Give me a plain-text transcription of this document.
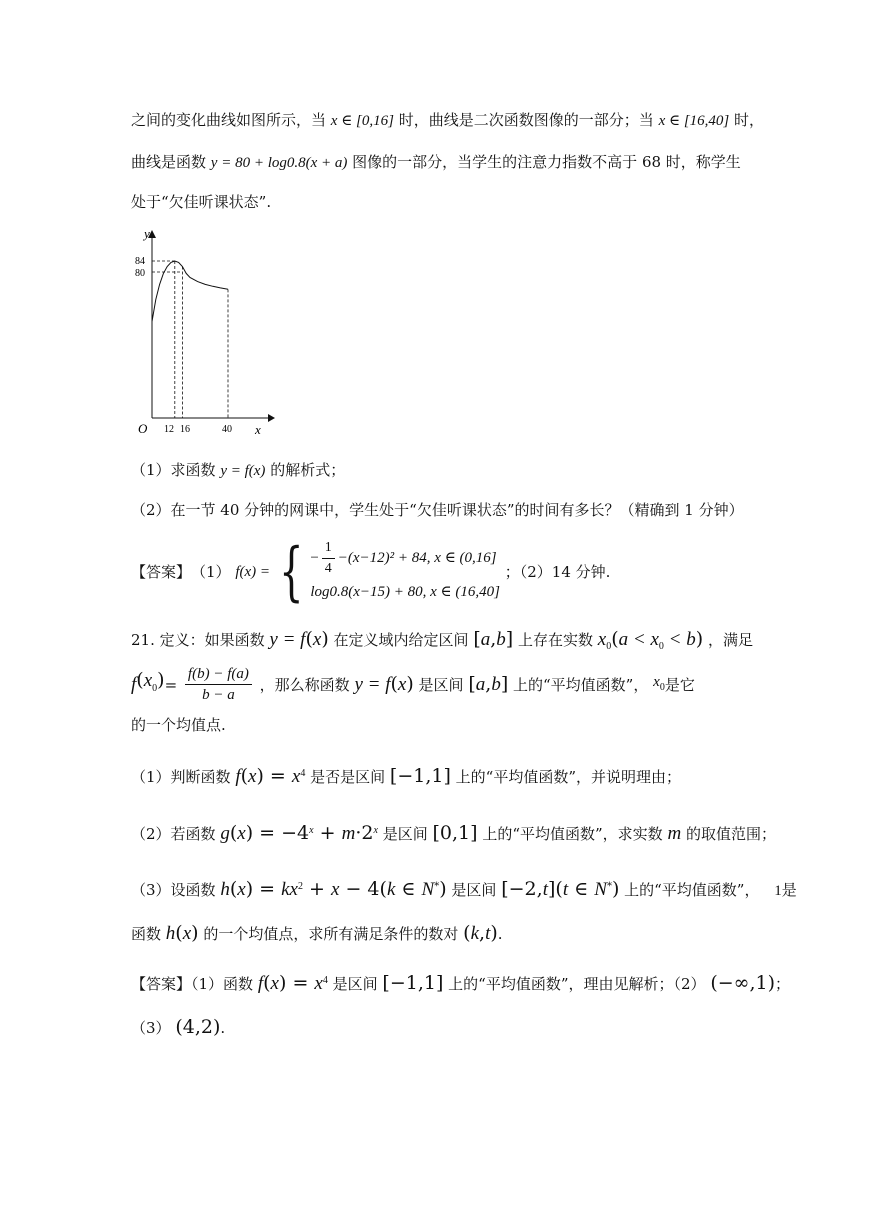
之间的变化曲线如图所示，当 x ∈ [0,16] 时，曲线是二次函数图像的一部分；当 x ∈ [16,40] 时，
曲线是函数 y = 80 + log0.8(x + a) 图像的一部分，当学生的注意力指数不高于 68 时，称学生
处于“欠佳听课状态”.
y
x
O
84
80
12 16	40
（1）求函数 y = f(x) 的解析式；
（2）在一节 40 分钟的网课中，学生处于“欠佳听课状态”的时间有多长？（精确到 1 分钟）
【答案】（1） f(x) = { − $\frac{1}{4} -(x-12)^2 + 84$, x ∈ (0,16]
log0.8(x−15) + 80, x ∈ (16,40]
；（2）14 分钟.
21. 定义：如果函数 y = f(x) 在定义域内给定区间 [a,b] 上存在实数 $x_0(a < x_0 < b)$ ，满足
$f(x_0)= \frac{f(b) - f(a)}{b - a}$ ，那么称函数 y = f(x) 是区间 [a,b] 上的“平均值函数”， $x_0$是它
的一个均值点.
（1）判断函数 $f(x) = x^4$ 是否是区间 [−1,1] 上的“平均值函数”，并说明理由；
（2）若函数 $g(x) = -4^x + m\cdot 2^x$ 是区间 [0,1] 上的“平均值函数”，求实数 m 的取值范围；
（3）设函数 $h(x) = kx^2 + x - 4(k$ ∈ N*) 是区间 [−2,t](t ∈ N*) 上的“平均值函数”， 1是
函数 h(x) 的一个均值点，求所有满足条件的数对 (k,t).
【答案】（1）函数 $f(x) = x^4$ 是区间 [−1,1] 上的“平均值函数”，理由见解析；（2） (−∞,1)；
（3） (4,2).
